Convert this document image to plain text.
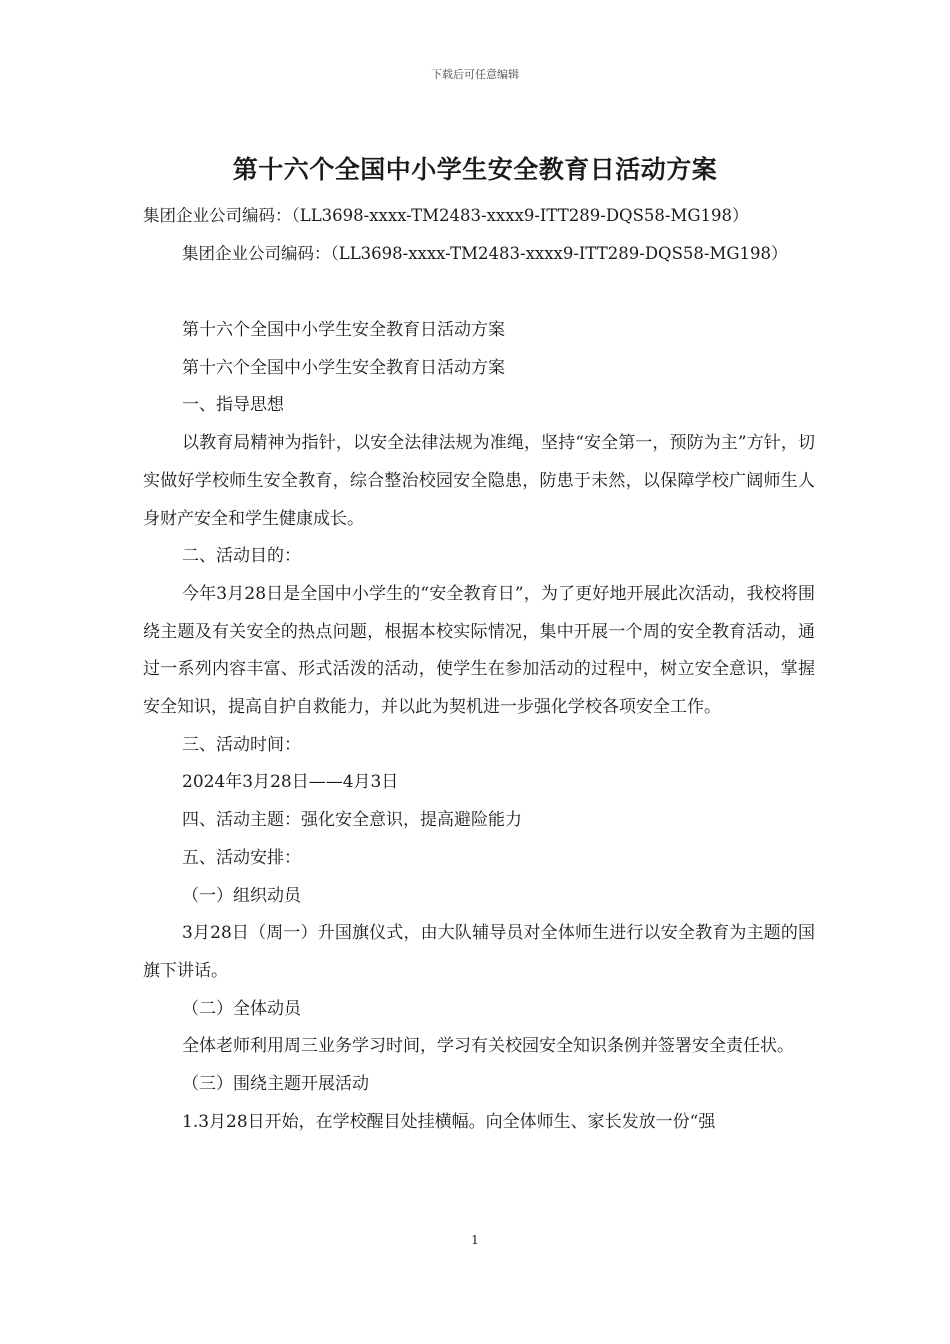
下载后可任意编辑
第十六个全国中小学生安全教育日活动方案
集团企业公司编码：（LL3698-xxxx-TM2483-xxxx9-ITT289-DQS58-MG198）
集团企业公司编码：（LL3698-xxxx-TM2483-xxxx9-ITT289-DQS58-MG198）

第十六个全国中小学生安全教育日活动方案

第十六个全国中小学生安全教育日活动方案

一、指导思想

以教育局精神为指针，以安全法律法规为准绳，坚持“安全第一，预防为主”方针，切实做好学校师生安全教育，综合整治校园安全隐患，防患于未然，以保障学校广阔师生人身财产安全和学生健康成长。

二、活动目的：

今年3月28日是全国中小学生的“安全教育日”，为了更好地开展此次活动，我校将围绕主题及有关安全的热点问题，根据本校实际情况，集中开展一个周的安全教育活动，通过一系列内容丰富、形式活泼的活动，使学生在参加活动的过程中，树立安全意识，掌握安全知识，提高自护自救能力，并以此为契机进一步强化学校各项安全工作。

三、活动时间：

2024年3月28日——4月3日

四、活动主题：强化安全意识，提高避险能力

五、活动安排：

（一）组织动员

3月28日（周一）升国旗仪式，由大队辅导员对全体师生进行以安全教育为主题的国旗下讲话。

（二）全体动员

全体老师利用周三业务学习时间，学习有关校园安全知识条例并签署安全责任状。

（三）围绕主题开展活动

1.3月28日开始，在学校醒目处挂横幅。向全体师生、家长发放一份“强

1
